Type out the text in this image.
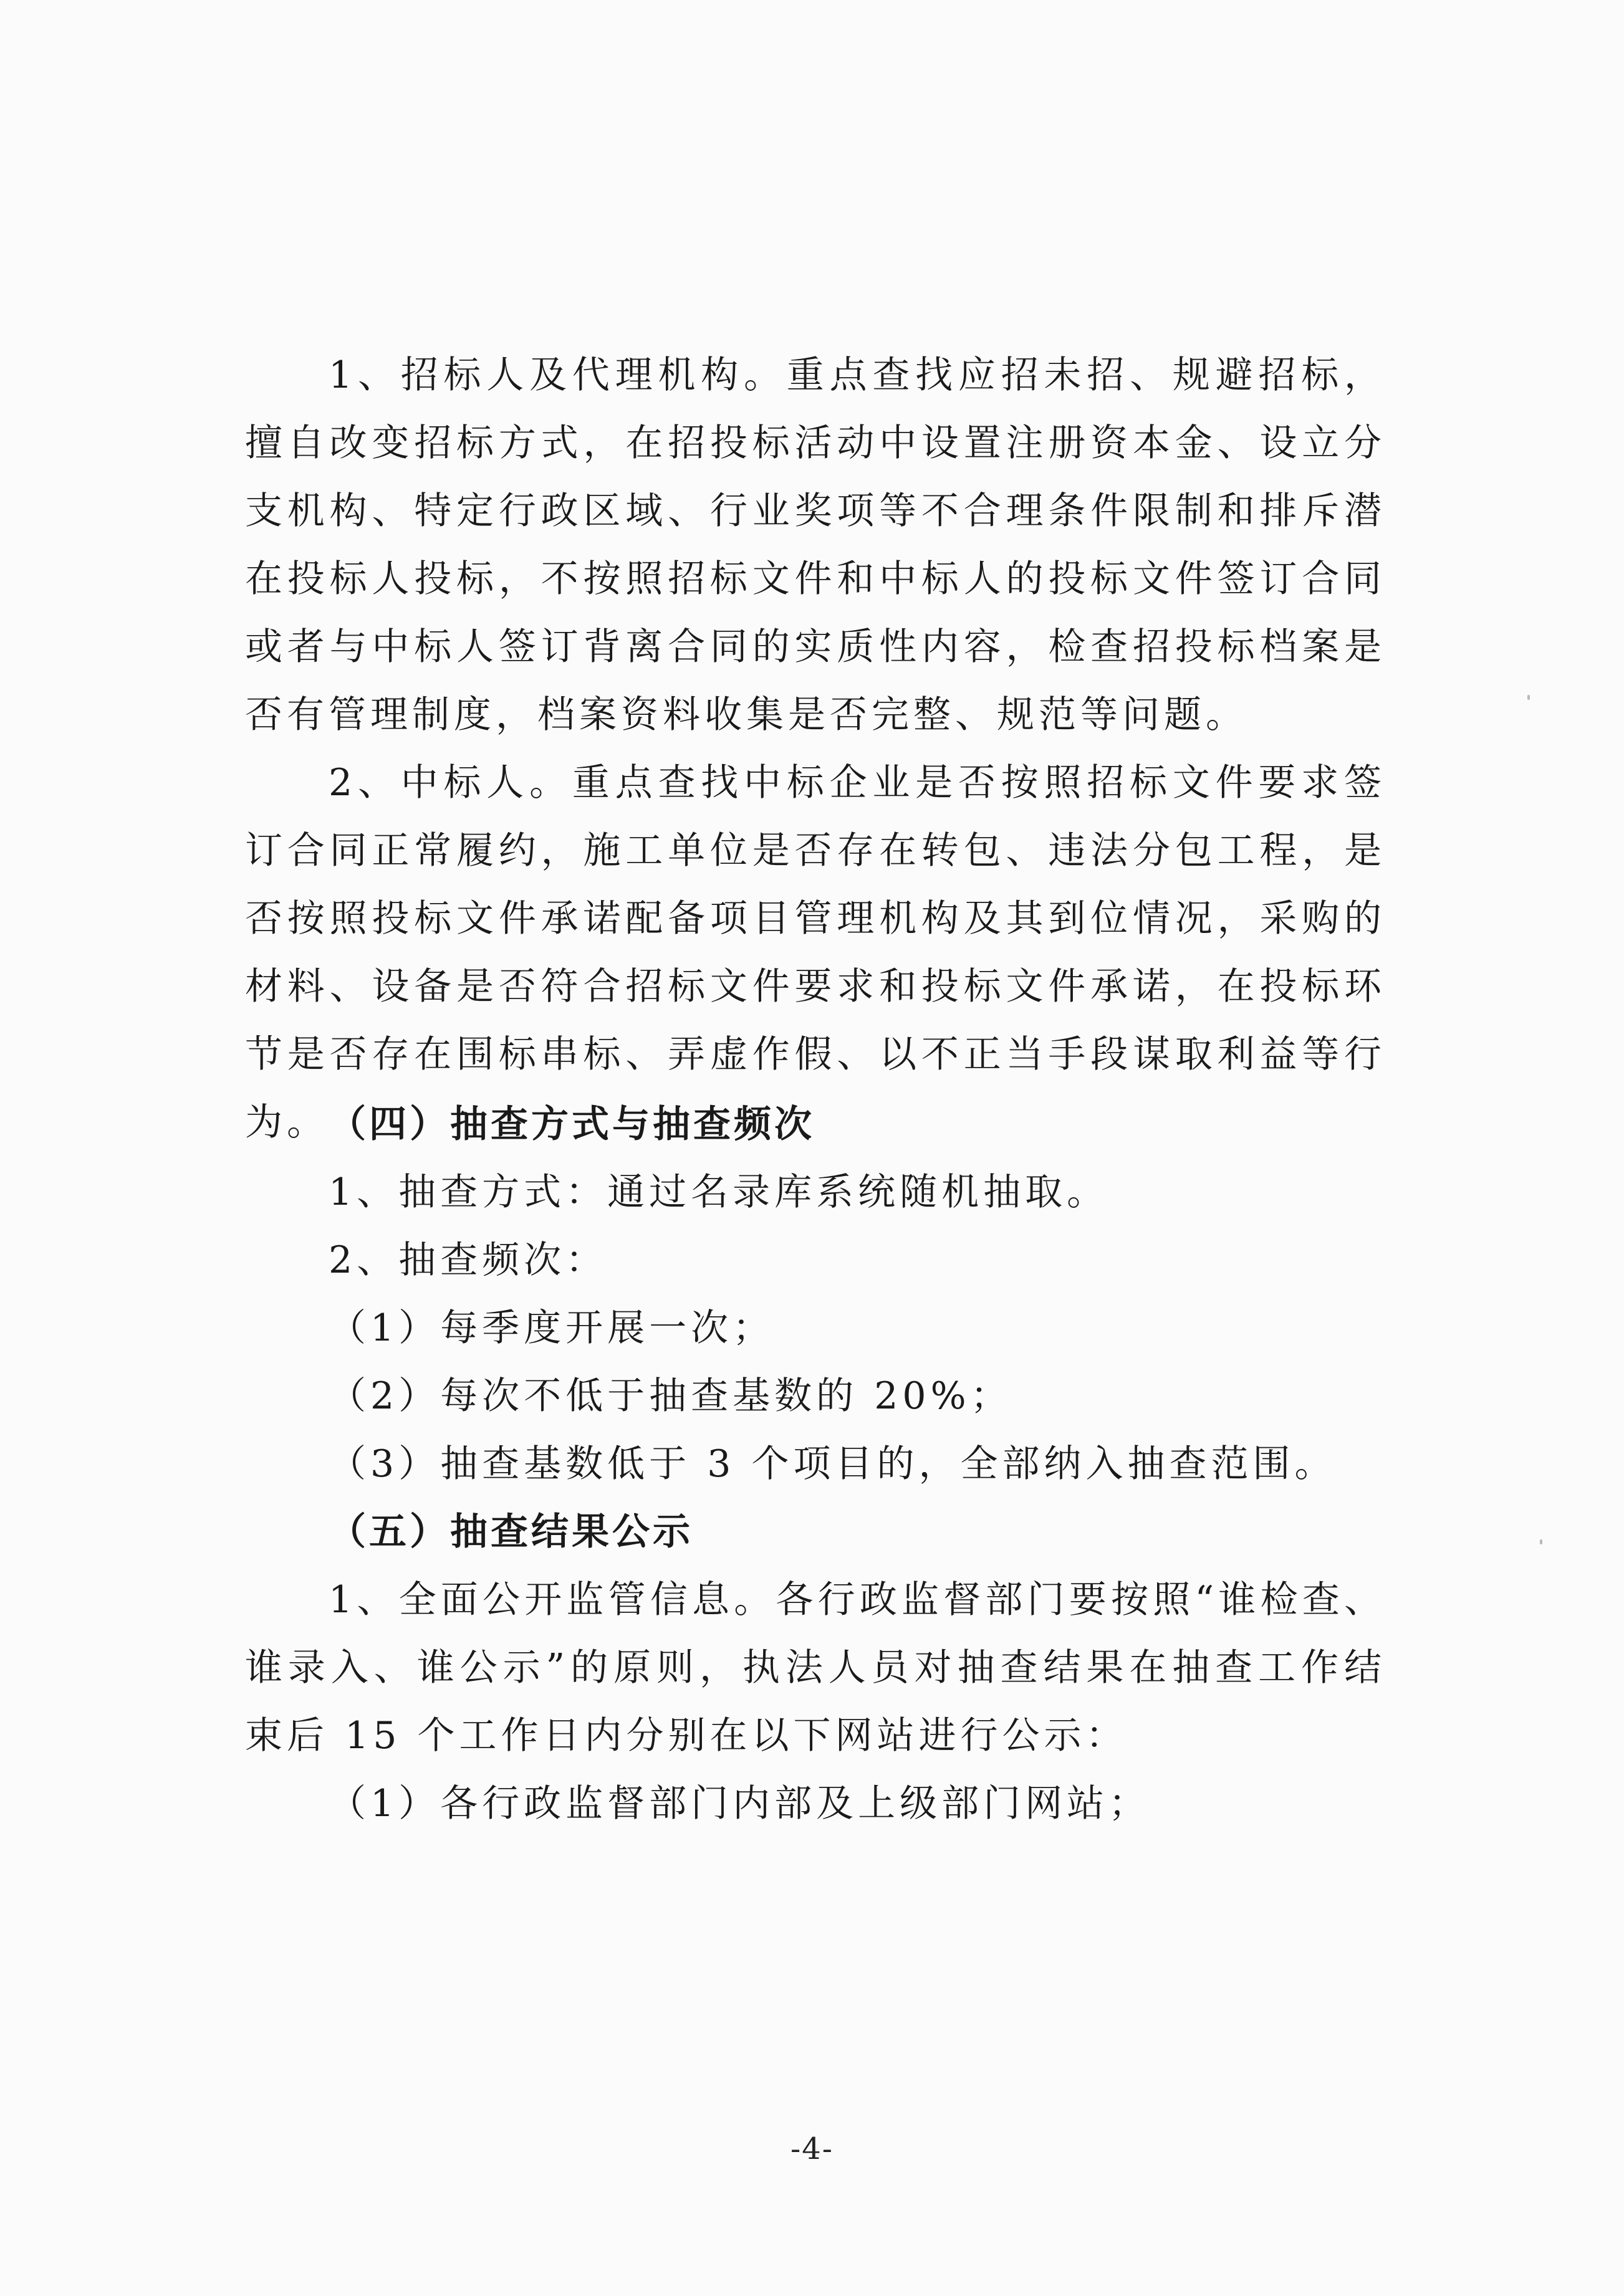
1、招标人及代理机构。重点查找应招未招、规避招标，擅自改变招标方式，在招投标活动中设置注册资本金、设立分支机构、特定行政区域、行业奖项等不合理条件限制和排斥潜在投标人投标，不按照招标文件和中标人的投标文件签订合同或者与中标人签订背离合同的实质性内容，检查招投标档案是否有管理制度，档案资料收集是否完整、规范等问题。

2、中标人。重点查找中标企业是否按照招标文件要求签订合同正常履约，施工单位是否存在转包、违法分包工程，是否按照投标文件承诺配备项目管理机构及其到位情况，采购的材料、设备是否符合招标文件要求和投标文件承诺，在投标环节是否存在围标串标、弄虚作假、以不正当手段谋取利益等行为。 （四）抽查方式与抽查频次

1、抽查方式：通过名录库系统随机抽取。

2、抽查频次：

（1）每季度开展一次；

（2）每次不低于抽查基数的 20%；

（3）抽查基数低于 3 个项目的，全部纳入抽查范围。

（五）抽查结果公示

1、全面公开监管信息。各行政监督部门要按照“谁检查、谁录入、谁公示”的原则，执法人员对抽查结果在抽查工作结束后 15 个工作日内分别在以下网站进行公示：

（1）各行政监督部门内部及上级部门网站；

-4-
